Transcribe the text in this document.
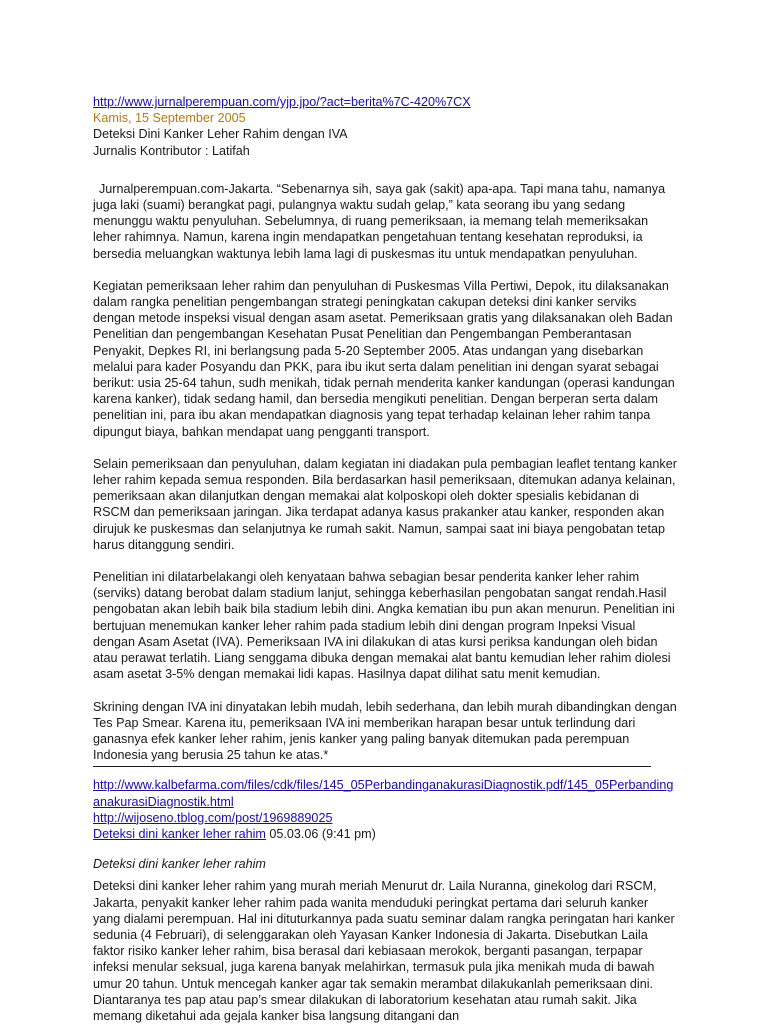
http://www.jurnalperempuan.com/yjp.jpo/?act=berita%7C-420%7CX
Kamis, 15 September 2005
Deteksi Dini Kanker Leher Rahim dengan IVA
Jurnalis Kontributor : Latifah

Jurnalperempuan.com-Jakarta. “Sebenarnya sih, saya gak (sakit) apa-apa. Tapi mana tahu, namanya juga laki (suami) berangkat pagi, pulangnya waktu sudah gelap,” kata seorang ibu yang sedang menunggu waktu penyuluhan. Sebelumnya, di ruang pemeriksaan, ia memang telah memeriksakan leher rahimnya. Namun, karena ingin mendapatkan pengetahuan tentang kesehatan reproduksi, ia bersedia meluangkan waktunya lebih lama lagi di puskesmas itu untuk mendapatkan penyuluhan.

Kegiatan pemeriksaan leher rahim dan penyuluhan di Puskesmas Villa Pertiwi, Depok, itu dilaksanakan dalam rangka penelitian pengembangan strategi peningkatan cakupan deteksi dini kanker serviks dengan metode inspeksi visual dengan asam asetat. Pemeriksaan gratis yang dilaksanakan oleh Badan Penelitian dan pengembangan Kesehatan Pusat Penelitian dan Pengembangan Pemberantasan Penyakit, Depkes RI, ini berlangsung pada 5-20 September 2005. Atas undangan yang disebarkan melalui para kader Posyandu dan PKK, para ibu ikut serta dalam penelitian ini dengan syarat sebagai berikut: usia 25-64 tahun, sudh menikah, tidak pernah menderita kanker kandungan (operasi kandungan karena kanker), tidak sedang hamil, dan bersedia mengikuti penelitian. Dengan berperan serta dalam penelitian ini, para ibu akan mendapatkan diagnosis yang tepat terhadap kelainan leher rahim tanpa dipungut biaya, bahkan mendapat uang pengganti transport.

Selain pemeriksaan dan penyuluhan, dalam kegiatan ini diadakan pula pembagian leaflet tentang kanker leher rahim kepada semua responden. Bila berdasarkan hasil pemeriksaan, ditemukan adanya kelainan, pemeriksaan akan dilanjutkan dengan memakai alat kolposkopi oleh dokter spesialis kebidanan di RSCM dan pemeriksaan jaringan. Jika terdapat adanya kasus prakanker atau kanker, responden akan dirujuk ke puskesmas dan selanjutnya ke rumah sakit. Namun, sampai saat ini biaya pengobatan tetap harus ditanggung sendiri.

Penelitian ini dilatarbelakangi oleh kenyataan bahwa sebagian besar penderita kanker leher rahim (serviks) datang berobat dalam stadium lanjut, sehingga keberhasilan pengobatan sangat rendah.Hasil pengobatan akan lebih baik bila stadium lebih dini. Angka kematian ibu pun akan menurun. Penelitian ini bertujuan menemukan kanker leher rahim pada stadium lebih dini dengan program Inpeksi Visual dengan Asam Asetat (IVA). Pemeriksaan IVA ini dilakukan di atas kursi periksa kandungan oleh bidan atau perawat terlatih. Liang senggama dibuka dengan memakai alat bantu kemudian leher rahim diolesi asam asetat 3-5% dengan memakai lidi kapas. Hasilnya dapat dilihat satu menit kemudian.

Skrining dengan IVA ini dinyatakan lebih mudah, lebih sederhana, dan lebih murah dibandingkan dengan Tes Pap Smear. Karena itu, pemeriksaan IVA ini memberikan harapan besar untuk terlindung dari ganasnya efek kanker leher rahim, jenis kanker yang paling banyak ditemukan pada perempuan Indonesia yang berusia 25 tahun ke atas.*

http://www.kalbefarma.com/files/cdk/files/145_05PerbandinganakurasiDiagnostik.pdf/145_05PerbandinganakurasiDiagnostik.html
http://wijoseno.tblog.com/post/1969889025
Deteksi dini kanker leher rahim 05.03.06 (9:41 pm)
Deteksi dini kanker leher rahim

Deteksi dini kanker leher rahim yang murah meriah Menurut dr. Laila Nuranna, ginekolog dari RSCM, Jakarta, penyakit kanker leher rahim pada wanita menduduki peringkat pertama dari seluruh kanker yang dialami perempuan. Hal ini dituturkannya pada suatu seminar dalam rangka peringatan hari kanker sedunia (4 Februari), di selenggarakan oleh Yayasan Kanker Indonesia di Jakarta. Disebutkan Laila faktor risiko kanker leher rahim, bisa berasal dari kebiasaan merokok, berganti pasangan, terpapar infeksi menular seksual, juga karena banyak melahirkan, termasuk pula jika menikah muda di bawah umur 20 tahun. Untuk mencegah kanker agar tak semakin merambat dilakukanlah pemeriksaan dini. Diantaranya tes pap atau pap’s smear dilakukan di laboratorium kesehatan atau rumah sakit. Jika memang diketahui ada gejala kanker bisa langsung ditangani dan
